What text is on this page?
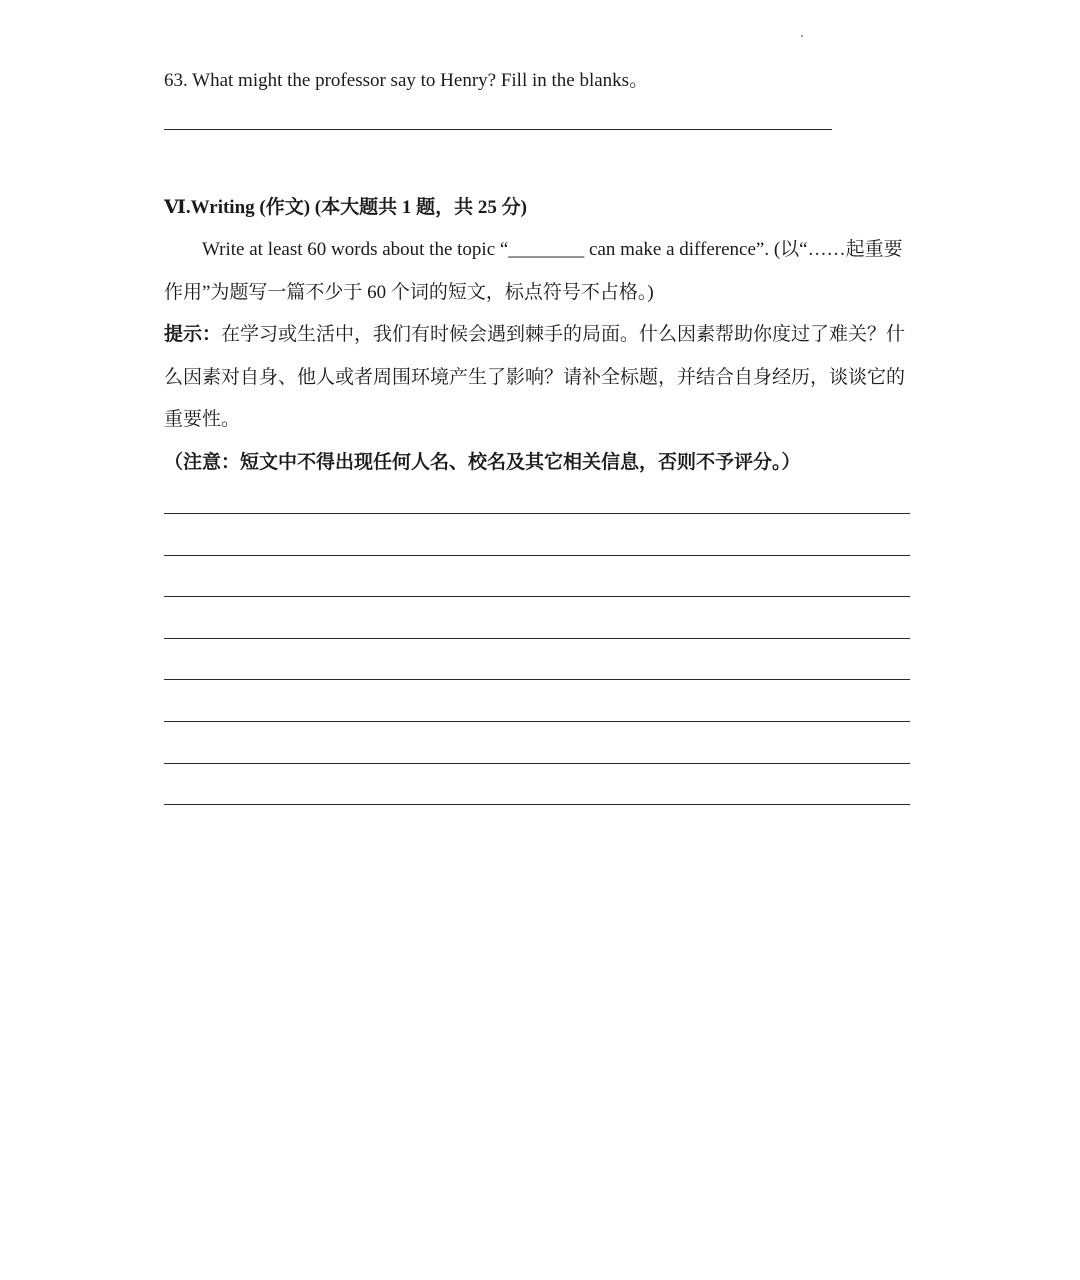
63. What might the professor say to Henry? Fill in the blanks。
Ⅵ.Writing (作文) (本大题共 1 题，共 25 分)
Write at least 60 words about the topic “________ can make a difference”. (以“……起重要作用”为题写一篇不少于 60 个词的短文，标点符号不占格。)
提示：在学习或生活中，我们有时候会遇到棘手的局面。什么因素帮助你度过了难关？什么因素对自身、他人或者周围环境产生了影响？请补全标题，并结合自身经历，谈谈它的重要性。
（注意：短文中不得出现任何人名、校名及其它相关信息，否则不予评分。）
